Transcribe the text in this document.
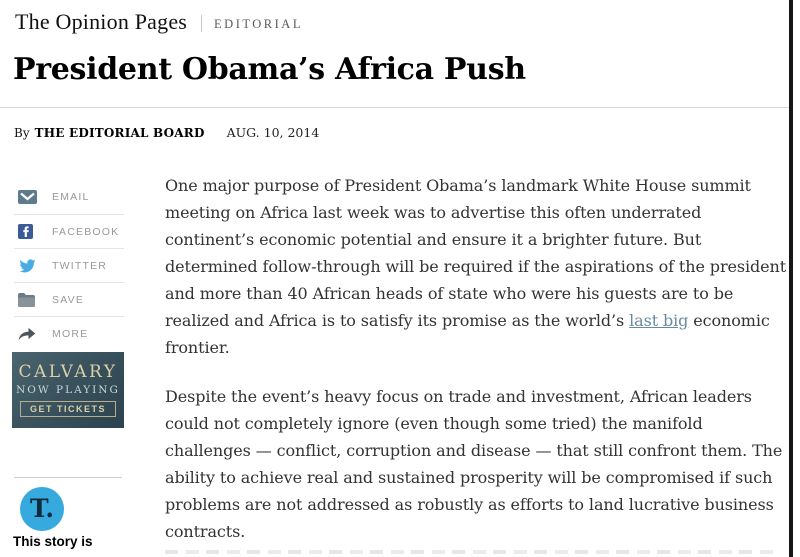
The Opinion Pages EDITORIAL
President Obama’s Africa Push
By THE EDITORIAL BOARD AUG. 10, 2014
EMAIL
FACEBOOK
TWITTER
SAVE
MORE
CALVARY
NOW PLAYING
GET TICKETS
T.
This story is
One major purpose of President Obama’s landmark White House summit
meeting on Africa last week was to advertise this often underrated
continent’s economic potential and ensure it a brighter future. But
determined follow-through will be required if the aspirations of the president
and more than 40 African heads of state who were his guests are to be
realized and Africa is to satisfy its promise as the world’s last big economic
frontier.
Despite the event’s heavy focus on trade and investment, African leaders
could not completely ignore (even though some tried) the manifold
challenges — conflict, corruption and disease — that still confront them. The
ability to achieve real and sustained prosperity will be compromised if such
problems are not addressed as robustly as efforts to land lucrative business
contracts.
